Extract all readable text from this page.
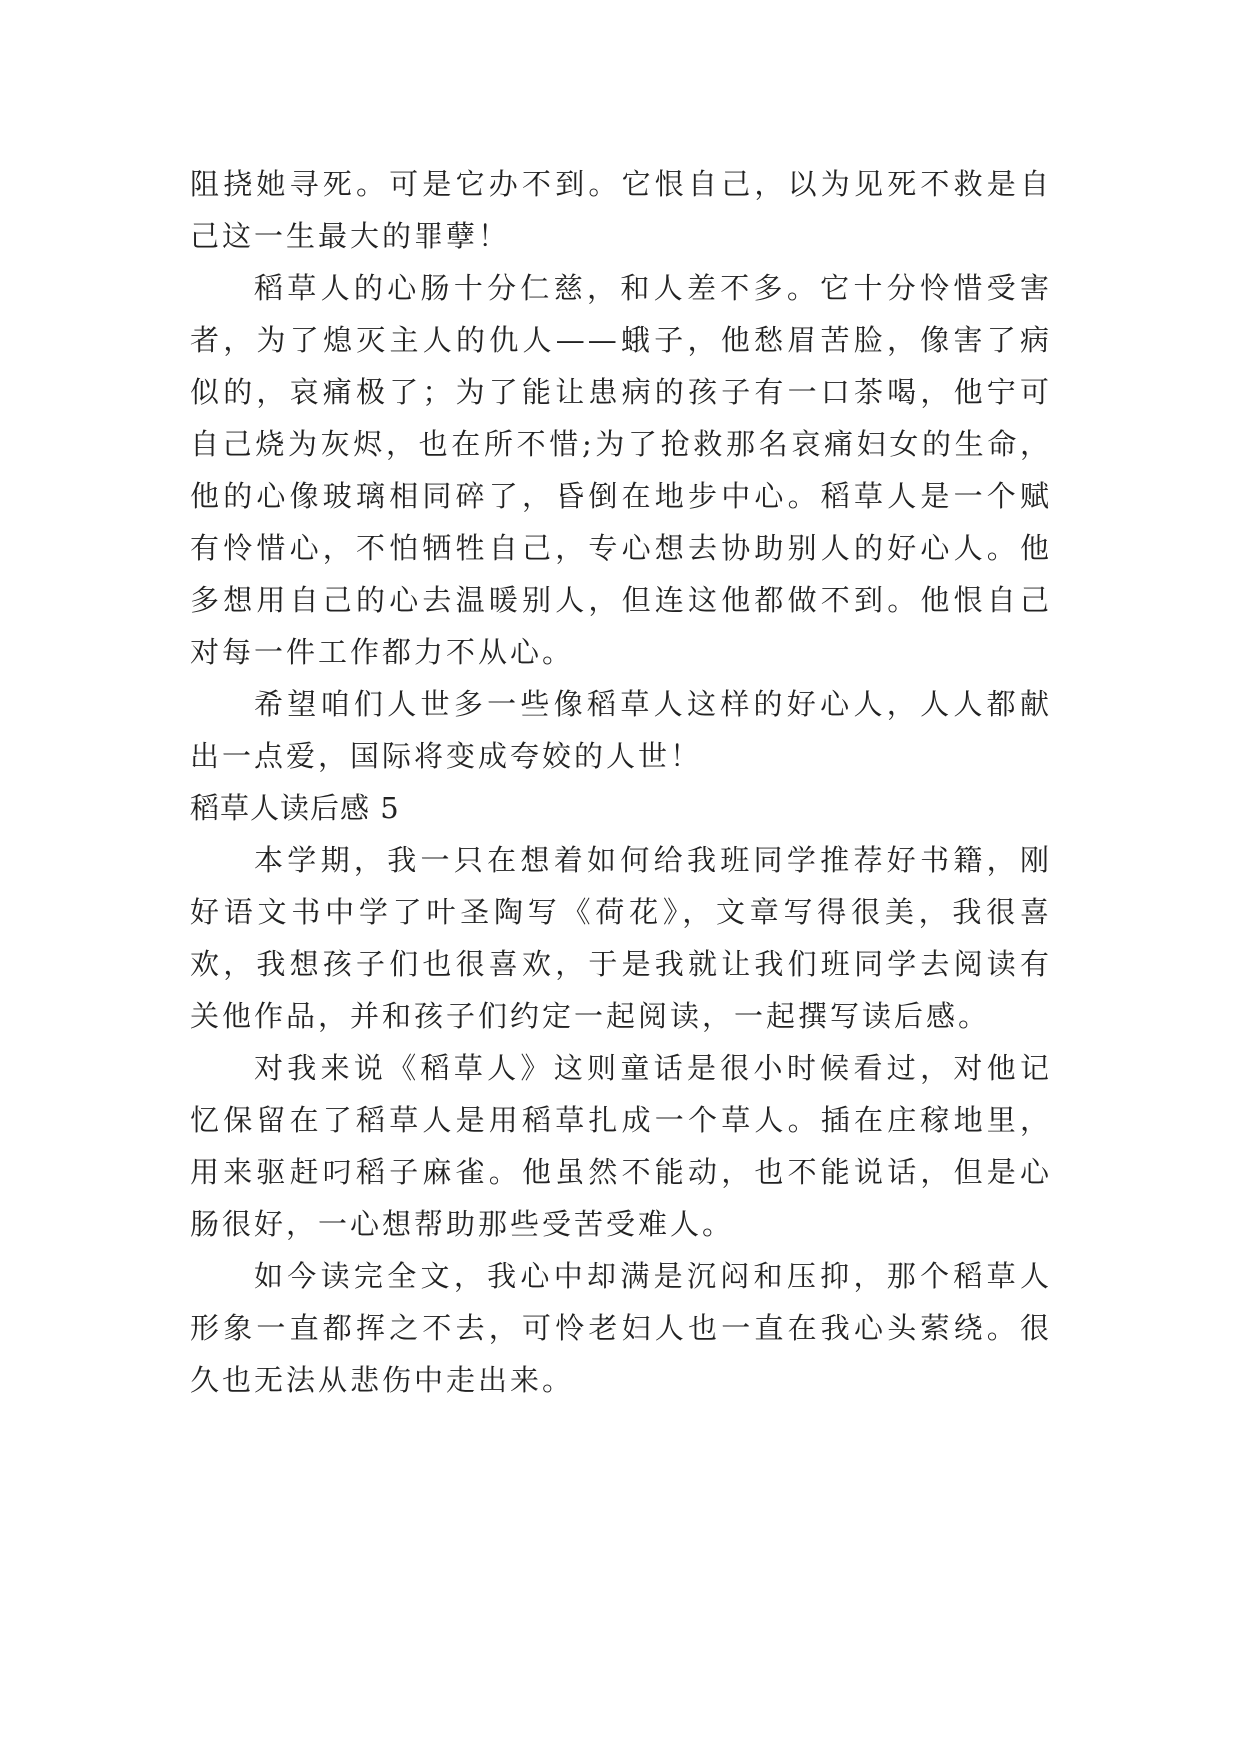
阻挠她寻死。可是它办不到。它恨自己，以为见死不救是自己这一生最大的罪孽！

稻草人的心肠十分仁慈，和人差不多。它十分怜惜受害者，为了熄灭主人的仇人——蛾子，他愁眉苦脸，像害了病似的，哀痛极了；为了能让患病的孩子有一口茶喝，他宁可自己烧为灰烬，也在所不惜;为了抢救那名哀痛妇女的生命，他的心像玻璃相同碎了，昏倒在地步中心。稻草人是一个赋有怜惜心，不怕牺牲自己，专心想去协助别人的好心人。他多想用自己的心去温暖别人，但连这他都做不到。他恨自己对每一件工作都力不从心。

希望咱们人世多一些像稻草人这样的好心人，人人都献出一点爱，国际将变成夸姣的人世！

稻草人读后感 5

本学期，我一只在想着如何给我班同学推荐好书籍，刚好语文书中学了叶圣陶写《荷花》，文章写得很美，我很喜欢，我想孩子们也很喜欢，于是我就让我们班同学去阅读有关他作品，并和孩子们约定一起阅读，一起撰写读后感。

对我来说《稻草人》这则童话是很小时候看过，对他记忆保留在了稻草人是用稻草扎成一个草人。插在庄稼地里，用来驱赶叼稻子麻雀。他虽然不能动，也不能说话，但是心肠很好，一心想帮助那些受苦受难人。

如今读完全文，我心中却满是沉闷和压抑，那个稻草人形象一直都挥之不去，可怜老妇人也一直在我心头萦绕。很久也无法从悲伤中走出来。
